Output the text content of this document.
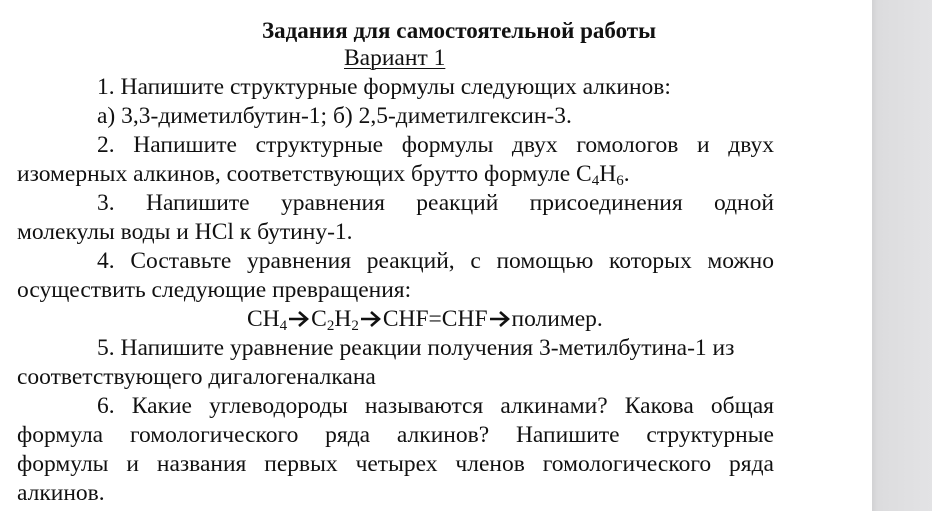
Задания для самостоятельной работы
Вариант 1
1. Напишите структурные формулы следующих алкинов:
а) 3,3-диметилбутин-1; б) 2,5-диметилгексин-3.
2. Напишите структурные формулы двух гомологов и двух
изомерных алкинов, соответствующих брутто формуле $С_4Н_6$.
3. Напишите уравнения реакций присоединения одной
молекулы воды и НСl к бутину-1.
4. Составьте уравнения реакций, с помощью которых можно
осуществить следующие превращения:
$СН_4$ $С_2Н_2$ СНF=СНF полимер.
5. Напишите уравнение реакции получения 3-метилбутина-1 из
соответствующего дигалогеналкана
6. Какие углеводороды называются алкинами? Какова общая
формула гомологического ряда алкинов? Напишите структурные
формулы и названия первых четырех членов гомологического ряда
алкинов.
